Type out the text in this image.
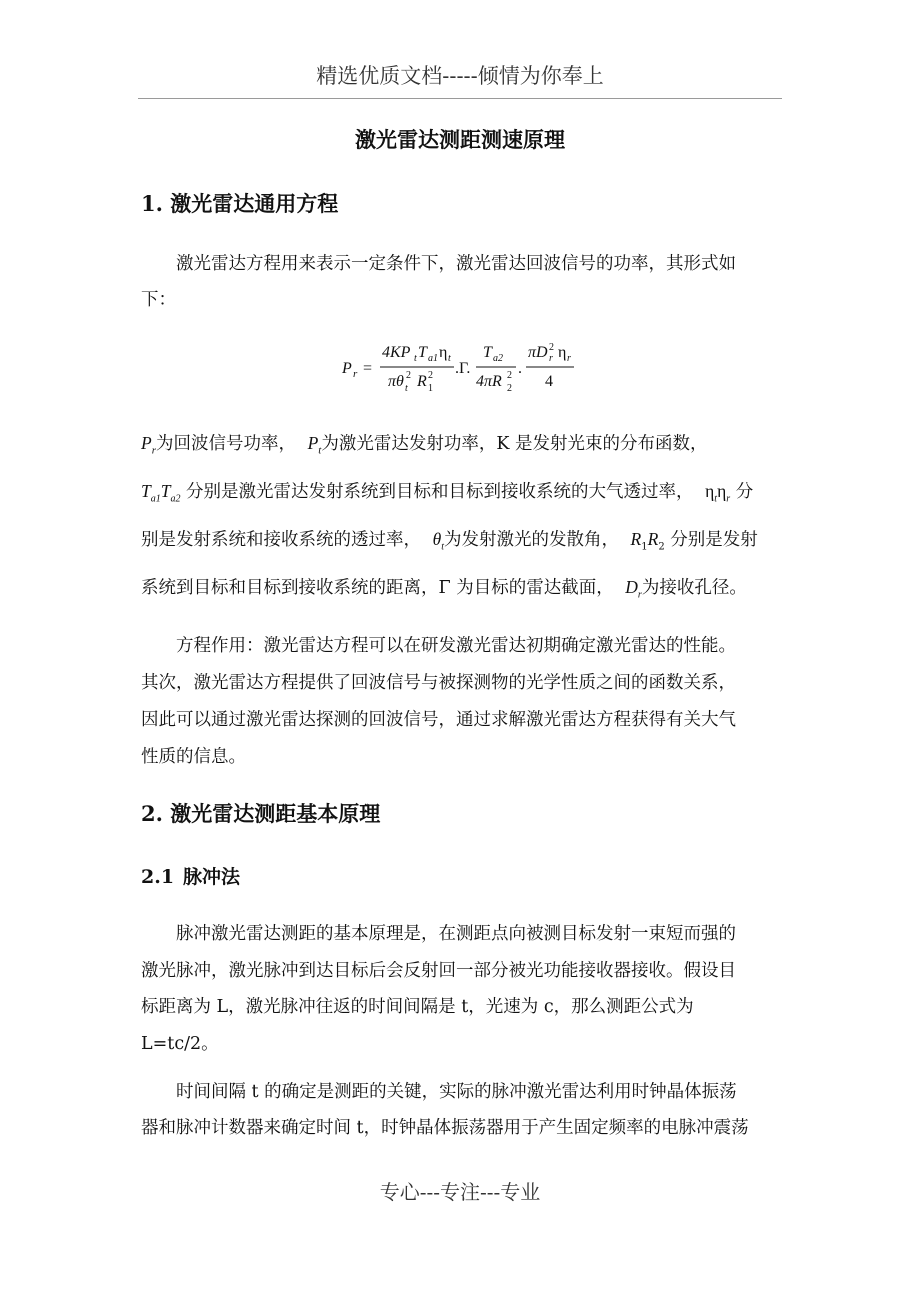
精选优质文档-----倾情为你奉上
激光雷达测距测速原理
1. 激光雷达通用方程
激光雷达方程用来表示一定条件下，激光雷达回波信号的功率，其形式如
下：
P r =
4KP t T a1 η t
πθ t
2 R 1
2 .Γ.
T a2
4πR 2
2 .
πD r
2 η r
4
$P_r$为回波信号功率， $P_t$为激光雷达发射功率，K 是发射光束的分布函数，
$T_{a1}T_{a2}$ 分别是激光雷达发射系统到目标和目标到接收系统的大气透过率， $\eta_t\eta_r$ 分
别是发射系统和接收系统的透过率， $\theta_t$为发射激光的发散角， $R_1R_2$ 分别是发射
系统到目标和目标到接收系统的距离，Γ 为目标的雷达截面， $D_r$为接收孔径。
方程作用：激光雷达方程可以在研发激光雷达初期确定激光雷达的性能。
其次，激光雷达方程提供了回波信号与被探测物的光学性质之间的函数关系，
因此可以通过激光雷达探测的回波信号，通过求解激光雷达方程获得有关大气
性质的信息。
2. 激光雷达测距基本原理
2.1 脉冲法
脉冲激光雷达测距的基本原理是，在测距点向被测目标发射一束短而强的
激光脉冲，激光脉冲到达目标后会反射回一部分被光功能接收器接收。假设目
标距离为 L，激光脉冲往返的时间间隔是 t，光速为 c，那么测距公式为
L=tc/2。
时间间隔 t 的确定是测距的关键，实际的脉冲激光雷达利用时钟晶体振荡
器和脉冲计数器来确定时间 t，时钟晶体振荡器用于产生固定频率的电脉冲震荡
专心---专注---专业
